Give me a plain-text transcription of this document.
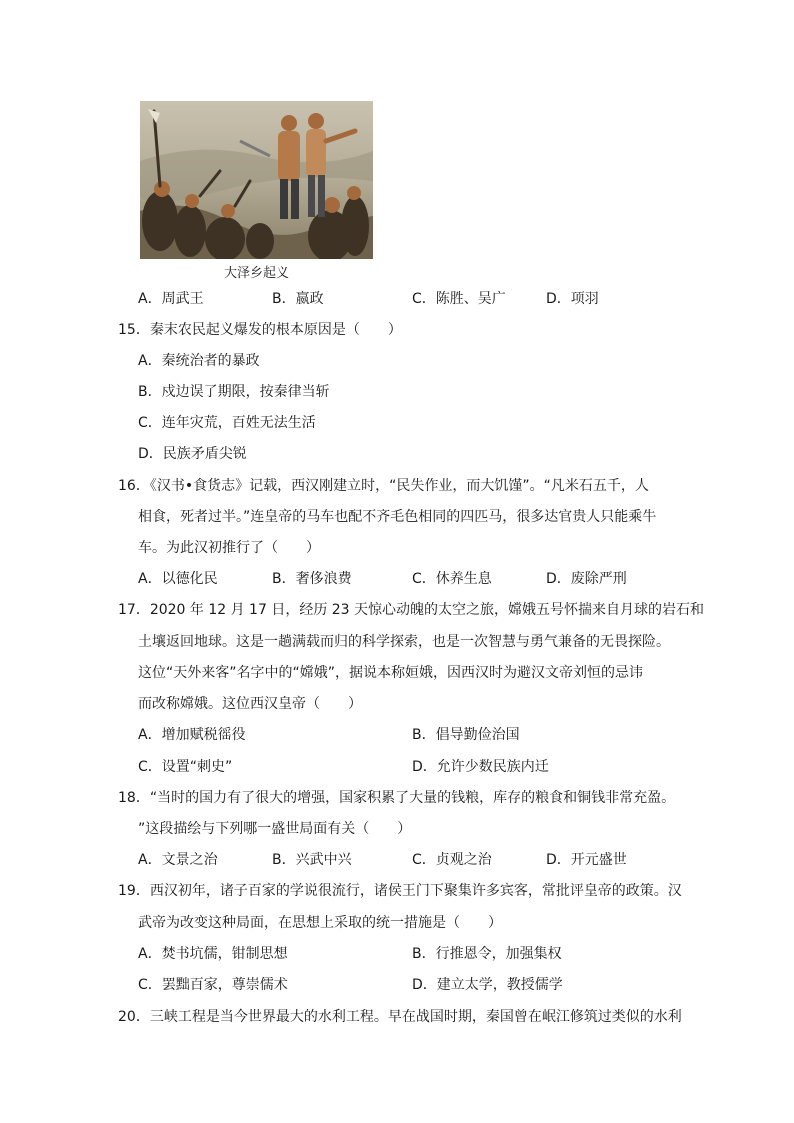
大泽乡起义
A．周武王	B．嬴政	C．陈胜、吴广	D．项羽
15．秦末农民起义爆发的根本原因是（　　）
A．秦统治者的暴政
B．戍边误了期限，按秦律当斩
C．连年灾荒，百姓无法生活
D．民族矛盾尖锐
16．《汉书•食货志》记载，西汉刚建立时，“民失作业，而大饥馑”。“凡米石五千，人
相食，死者过半。”连皇帝的马车也配不齐毛色相同的四匹马，很多达官贵人只能乘牛
车。为此汉初推行了（　　）
A．以德化民	B．奢侈浪费	C．休养生息	D．废除严刑
17．2020 年 12 月 17 日，经历 23 天惊心动魄的太空之旅，嫦娥五号怀揣来自月球的岩石和
土壤返回地球。这是一趟满载而归的科学探索，也是一次智慧与勇气兼备的无畏探险。
这位“天外来客”名字中的“嫦娥”，据说本称姮娥，因西汉时为避汉文帝刘恒的忌讳
而改称嫦娥。这位西汉皇帝（　　）
A．增加赋税徭役	B．倡导勤俭治国
C．设置“刺史”	D．允许少数民族内迁
18．“当时的国力有了很大的增强，国家积累了大量的钱粮，库存的粮食和铜钱非常充盈。
”这段描绘与下列哪一盛世局面有关（　　）
A．文景之治	B．兴武中兴	C．贞观之治	D．开元盛世
19．西汉初年，诸子百家的学说很流行，诸侯王门下聚集许多宾客，常批评皇帝的政策。汉
武帝为改变这种局面，在思想上采取的统一措施是（　　）
A．焚书坑儒，钳制思想	B．行推恩令，加强集权
C．罢黜百家，尊崇儒术	D．建立太学，教授儒学
20．三峡工程是当今世界最大的水利工程。早在战国时期，秦国曾在岷江修筑过类似的水利
